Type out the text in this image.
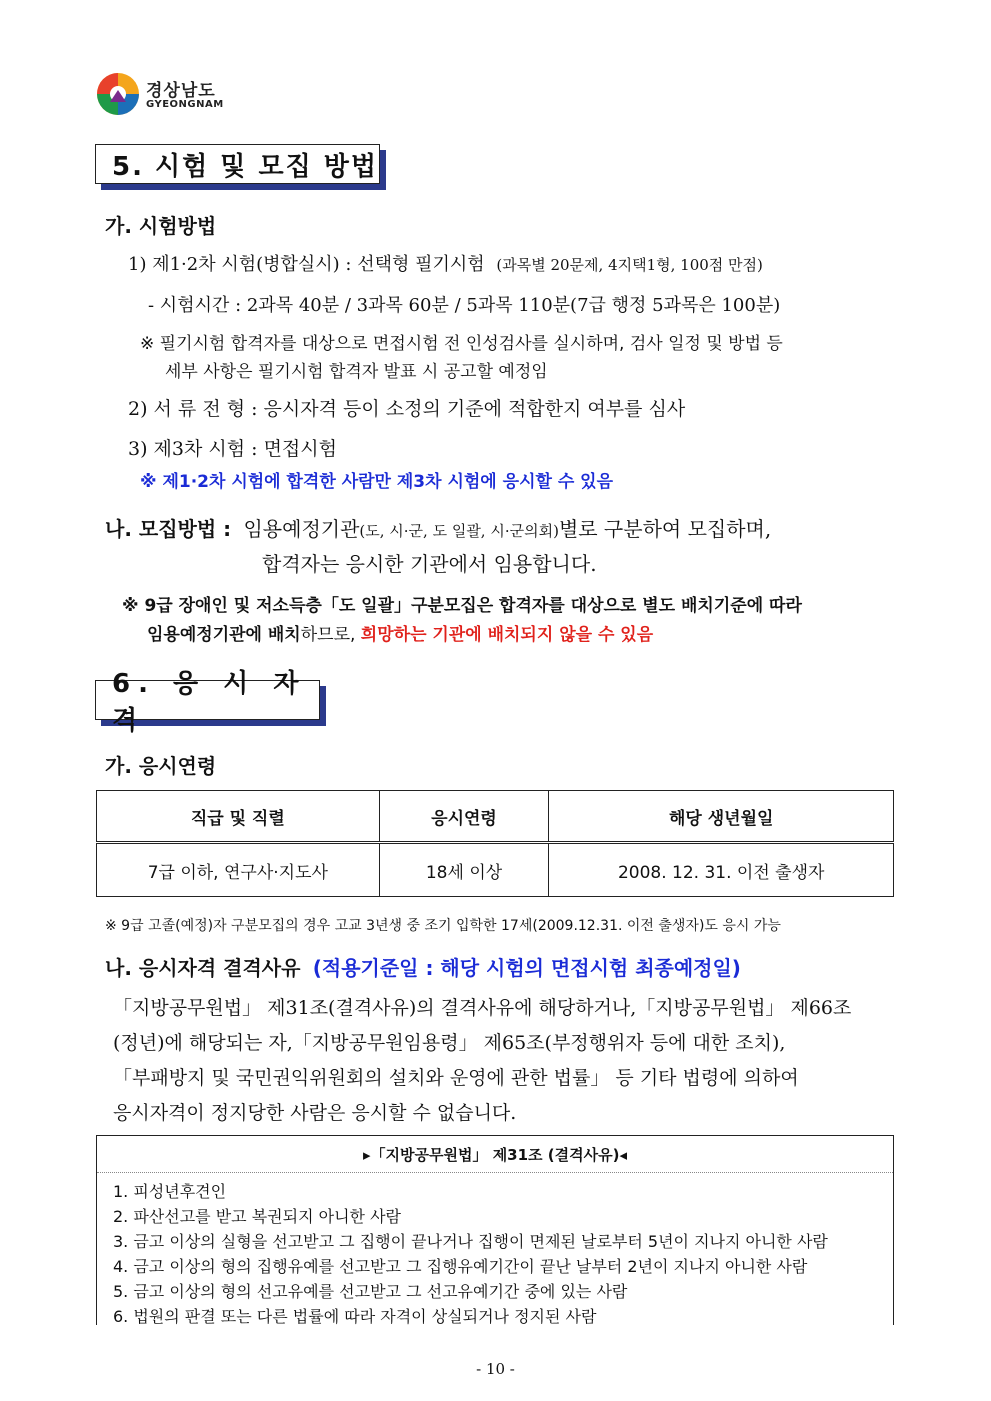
경상남도
GYEONGNAM
5. 시험 및 모집 방법
가. 시험방법
1) 제1·2차 시험(병합실시) : 선택형 필기시험 (과목별 20문제, 4지택1형, 100점 만점)
- 시험시간 : 2과목 40분 / 3과목 60분 / 5과목 110분(7급 행정 5과목은 100분)
※ 필기시험 합격자를 대상으로 면접시험 전 인성검사를 실시하며, 검사 일정 및 방법 등
세부 사항은 필기시험 합격자 발표 시 공고할 예정임
2) 서 류 전 형 : 응시자격 등이 소정의 기준에 적합한지 여부를 심사
3) 제3차 시험 : 면접시험
※ 제1·2차 시험에 합격한 사람만 제3차 시험에 응시할 수 있음
나. 모집방법 : 임용예정기관(도, 시·군, 도 일괄, 시·군의회)별로 구분하여 모집하며,
합격자는 응시한 기관에서 임용합니다.
※ 9급 장애인 및 저소득층「도 일괄」구분모집은 합격자를 대상으로 별도 배치기준에 따라
임용예정기관에 배치하므로, 희망하는 기관에 배치되지 않을 수 있음
6. 응 시 자 격
가. 응시연령
직급 및 직렬	응시연령	해당 생년월일
7급 이하, 연구사·지도사	18세 이상	2008. 12. 31. 이전 출생자
※ 9급 고졸(예정)자 구분모집의 경우 고교 3년생 중 조기 입학한 17세(2009.12.31. 이전 출생자)도 응시 가능
나. 응시자격 결격사유 (적용기준일 : 해당 시험의 면접시험 최종예정일)
「지방공무원법」 제31조(결격사유)의 결격사유에 해당하거나,「지방공무원법」 제66조
(정년)에 해당되는 자,「지방공무원임용령」 제65조(부정행위자 등에 대한 조치),
「부패방지 및 국민권익위원회의 설치와 운영에 관한 법률」 등 기타 법령에 의하여
응시자격이 정지당한 사람은 응시할 수 없습니다.
▸「지방공무원법」 제31조 (결격사유)◂
1. 피성년후견인
2. 파산선고를 받고 복권되지 아니한 사람
3. 금고 이상의 실형을 선고받고 그 집행이 끝나거나 집행이 면제된 날로부터 5년이 지나지 아니한 사람
4. 금고 이상의 형의 집행유예를 선고받고 그 집행유예기간이 끝난 날부터 2년이 지나지 아니한 사람
5. 금고 이상의 형의 선고유예를 선고받고 그 선고유예기간 중에 있는 사람
6. 법원의 판결 또는 다른 법률에 따라 자격이 상실되거나 정지된 사람
- 10 -
